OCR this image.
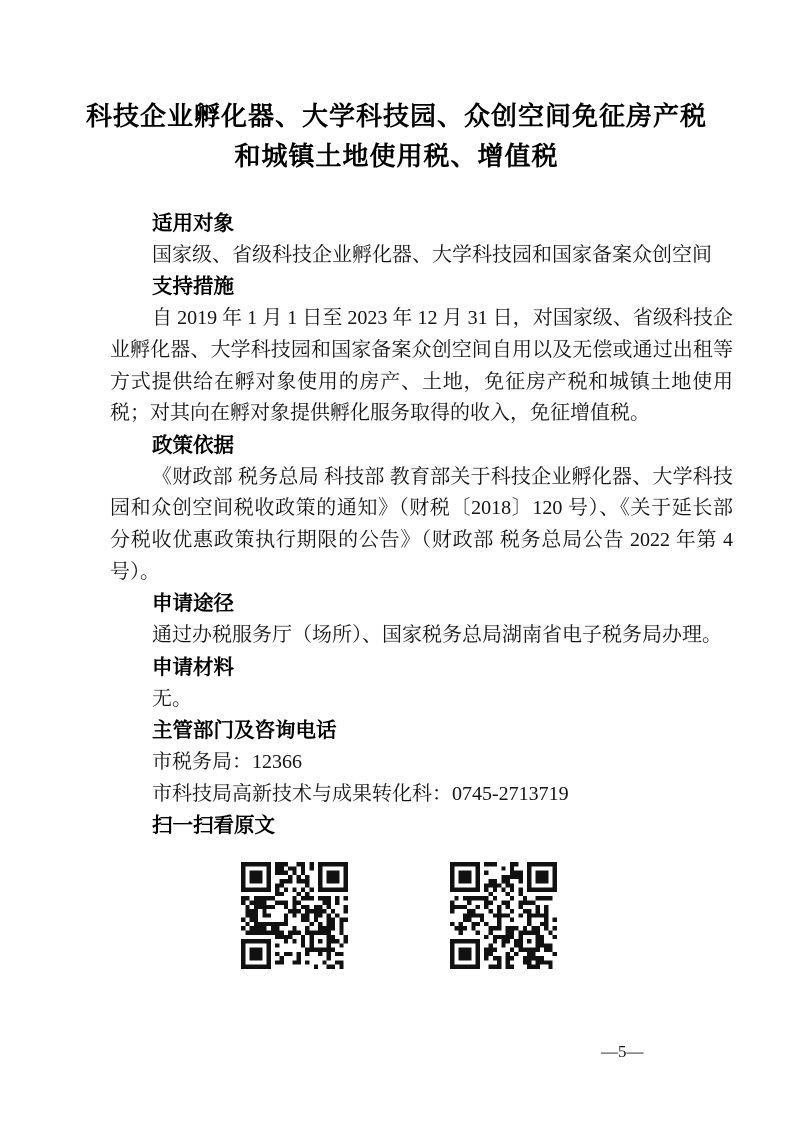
科技企业孵化器、大学科技园、众创空间免征房产税
和城镇土地使用税、增值税
适用对象

国家级、省级科技企业孵化器、大学科技园和国家备案众创空间

支持措施

自 2019 年 1 月 1 日至 2023 年 12 月 31 日，对国家级、省级科技企业孵化器、大学科技园和国家备案众创空间自用以及无偿或通过出租等方式提供给在孵对象使用的房产、土地，免征房产税和城镇土地使用税；对其向在孵对象提供孵化服务取得的收入，免征增值税。

政策依据

《财政部 税务总局 科技部 教育部关于科技企业孵化器、大学科技园和众创空间税收政策的通知》（财税〔2018〕120 号）、《关于延长部分税收优惠政策执行期限的公告》（财政部 税务总局公告 2022 年第 4 号）。

申请途径

通过办税服务厅（场所）、国家税务总局湖南省电子税务局办理。

申请材料

无。

主管部门及咨询电话

市税务局：12366

市科技局高新技术与成果转化科：0745-2713719

扫一扫看原文
—5—
